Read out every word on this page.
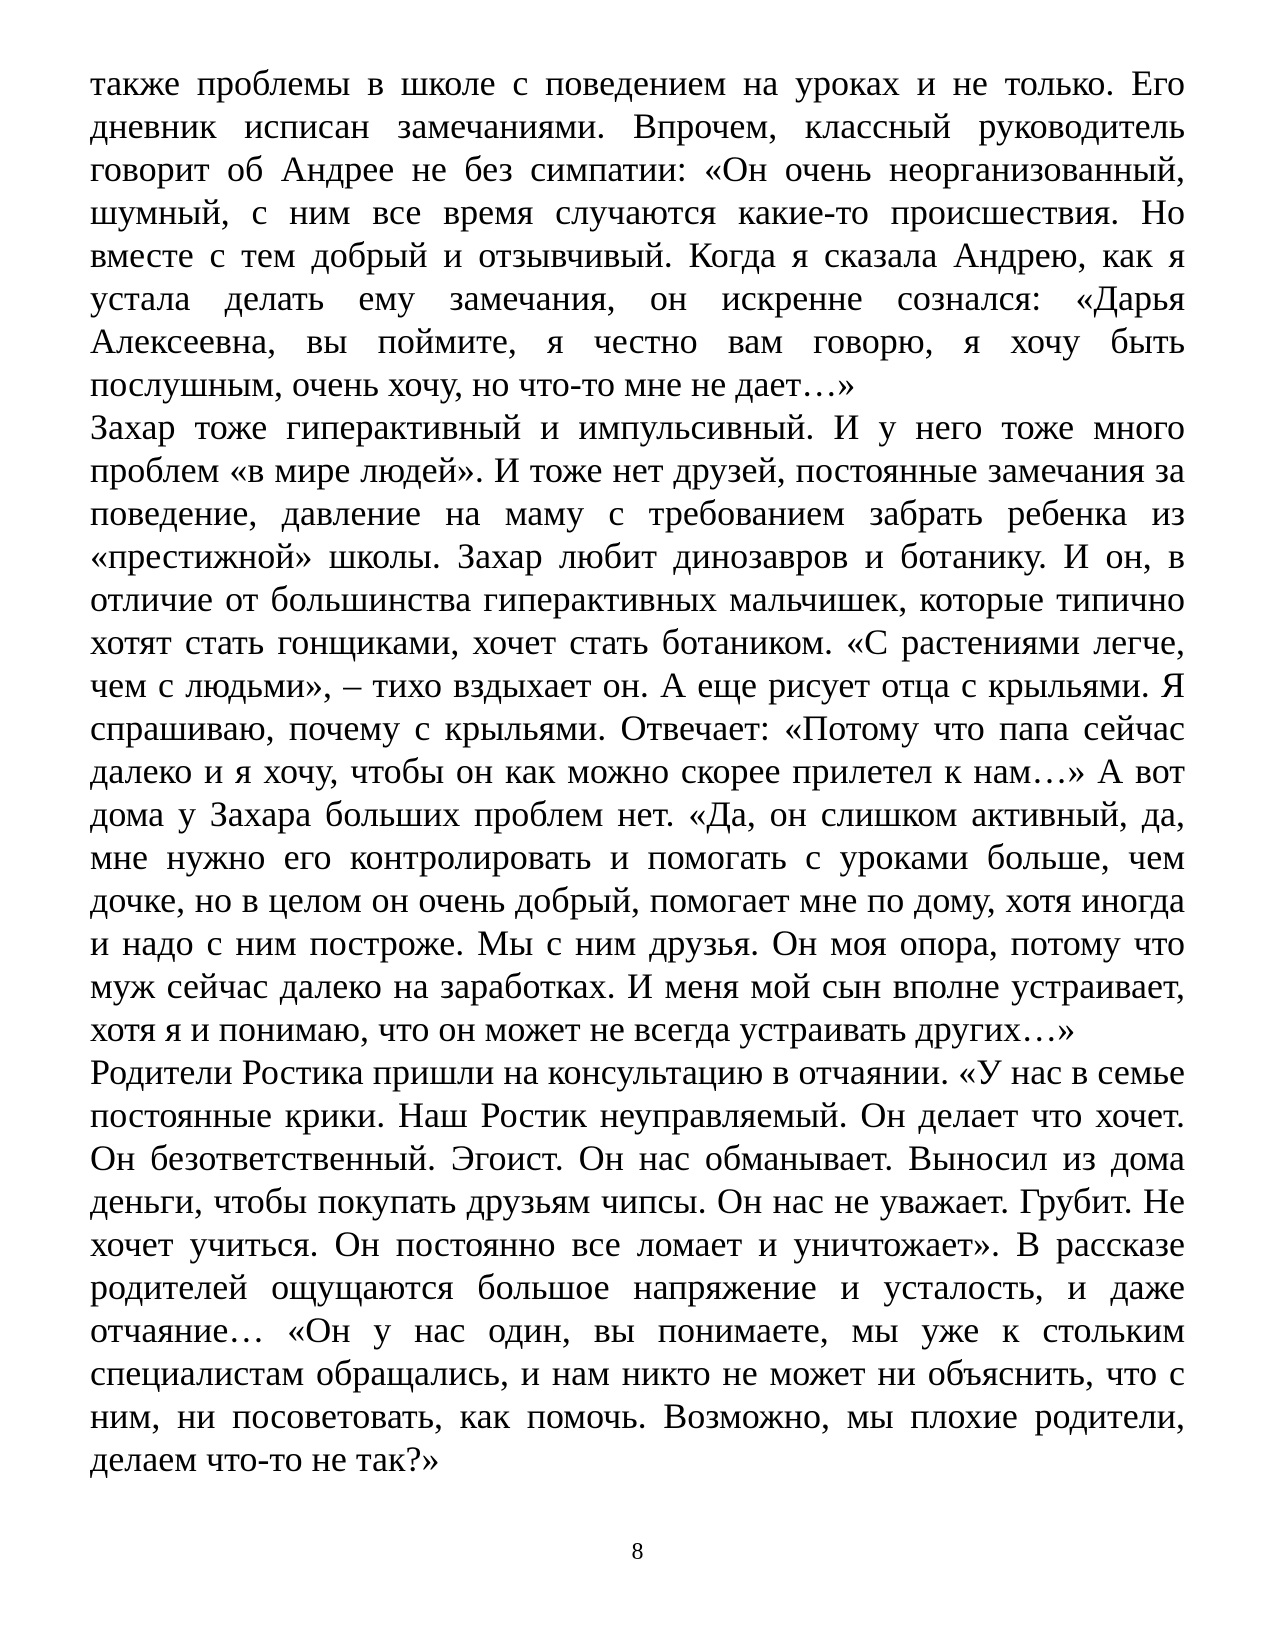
также проблемы в школе с поведением на уроках и не только. Его дневник исписан замечаниями. Впрочем, классный руководитель говорит об Андрее не без симпатии: «Он очень неорганизованный, шумный, с ним все время случаются какие-то происшествия. Но вместе с тем добрый и отзывчивый. Когда я сказала Андрею, как я устала делать ему замечания, он искренне сознался: «Дарья Алексеевна, вы поймите, я честно вам говорю, я хочу быть послушным, очень хочу, но что-то мне не дает…»

Захар тоже гиперактивный и импульсивный. И у него тоже много проблем «в мире людей». И тоже нет друзей, постоянные замечания за поведение, давление на маму с требованием забрать ребенка из «престижной» школы. Захар любит динозавров и ботанику. И он, в отличие от большинства гиперактивных мальчишек, которые типично хотят стать гонщиками, хочет стать ботаником. «С растениями легче, чем с людьми», – тихо вздыхает он. А еще рисует отца с крыльями. Я спрашиваю, почему с крыльями. Отвечает: «Потому что папа сейчас далеко и я хочу, чтобы он как можно скорее прилетел к нам…» А вот дома у Захара больших проблем нет. «Да, он слишком активный, да, мне нужно его контролировать и помогать с уроками больше, чем дочке, но в целом он очень добрый, помогает мне по дому, хотя иногда и надо с ним построже. Мы с ним друзья. Он моя опора, потому что муж сейчас далеко на заработках. И меня мой сын вполне устраивает, хотя я и понимаю, что он может не всегда устраивать других…»

Родители Ростика пришли на консультацию в отчаянии. «У нас в семье постоянные крики. Наш Ростик неуправляемый. Он делает что хочет. Он безответственный. Эгоист. Он нас обманывает. Выносил из дома деньги, чтобы покупать друзьям чипсы. Он нас не уважает. Грубит. Не хочет учиться. Он постоянно все ломает и уничтожает». В рассказе родителей ощущаются большое напряжение и усталость, и даже отчаяние… «Он у нас один, вы понимаете, мы уже к стольким специалистам обращались, и нам никто не может ни объяснить, что с ним, ни посоветовать, как помочь. Возможно, мы плохие родители, делаем что-то не так?»

8
